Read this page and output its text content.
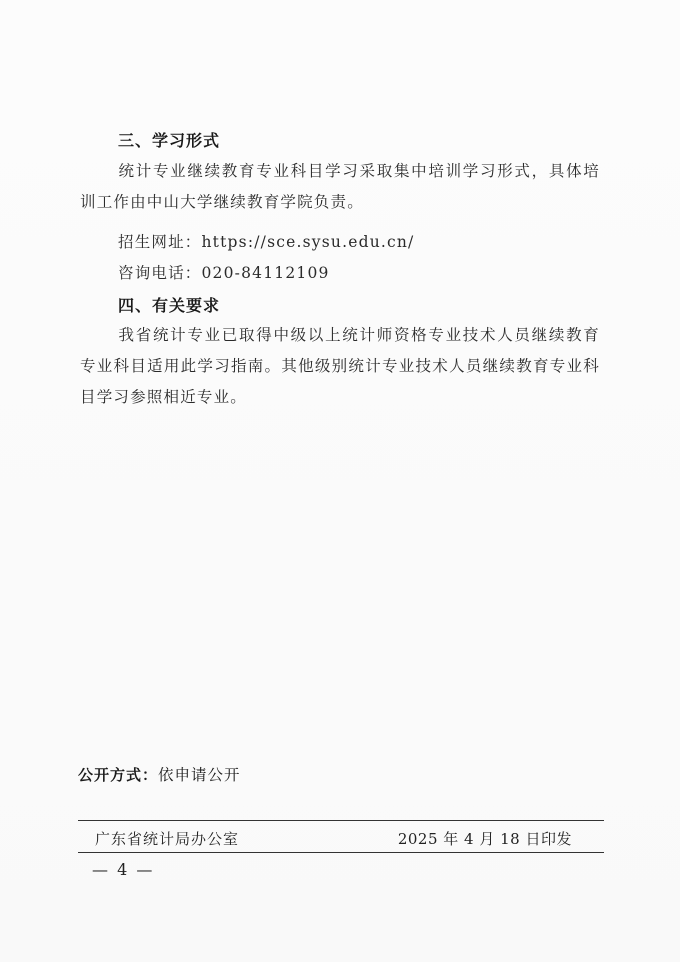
三、学习形式
统计专业继续教育专业科目学习采取集中培训学习形式，具体培训工作由中山大学继续教育学院负责。
招生网址：https://sce.sysu.edu.cn/
咨询电话：020-84112109
四、有关要求
我省统计专业已取得中级以上统计师资格专业技术人员继续教育专业科目适用此学习指南。其他级别统计专业技术人员继续教育专业科目学习参照相近专业。
公开方式：依申请公开
广东省统计局办公室	2025 年 4 月 18 日印发
— 4 —
